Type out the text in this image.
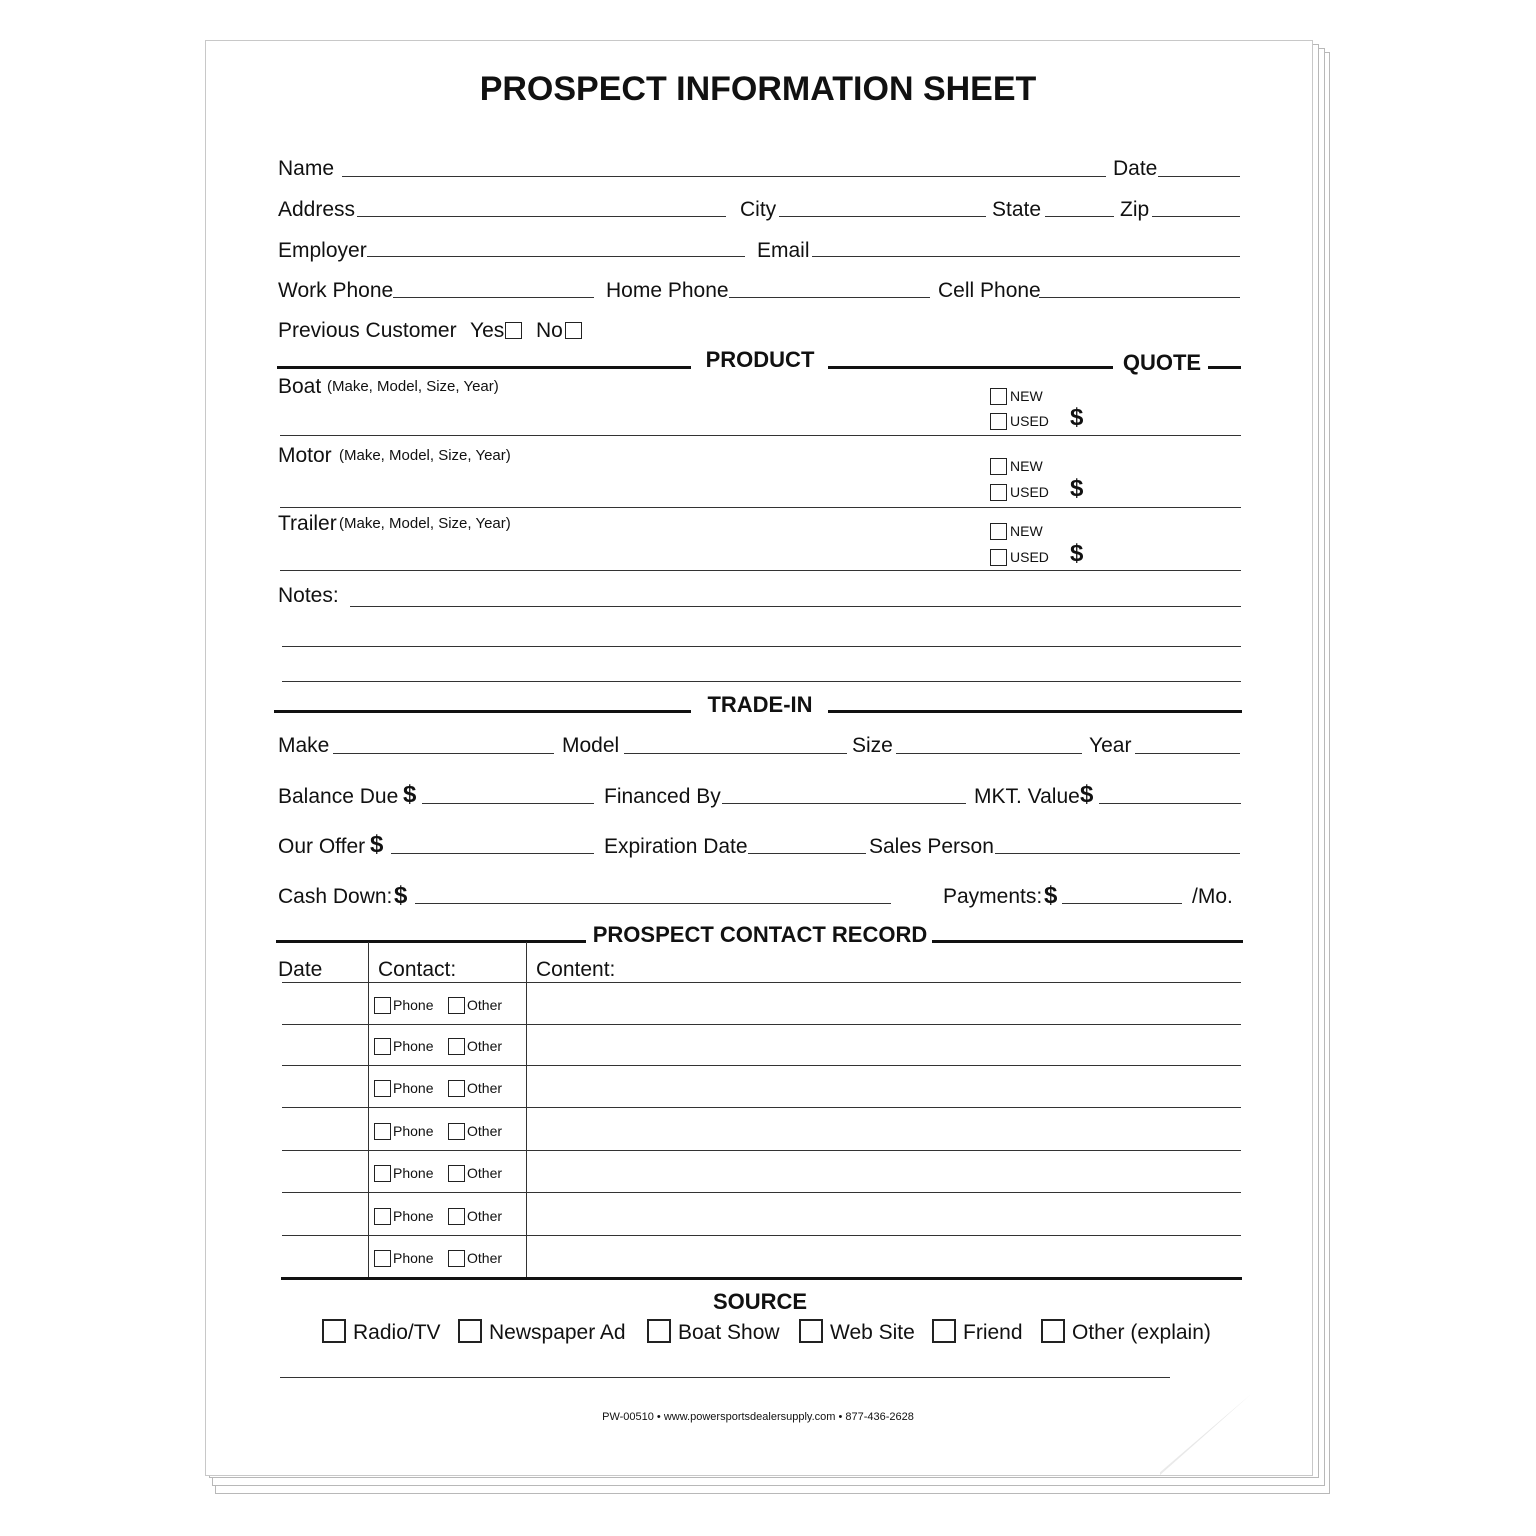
PROSPECT INFORMATION SHEET
Name	Date
Address	City	State	Zip
Employer	Email
Work Phone	Home Phone	Cell Phone
Previous Customer Yes No
PRODUCT	QUOTE
Boat (Make, Model, Size, Year)
NEW
USED $
Motor (Make, Model, Size, Year)
NEW
USED $
Trailer (Make, Model, Size, Year)	NEW
USED $
Notes:
TRADE-IN
Make	Model	Size	Year
Balance Due $	Financed By	MKT. Value $
Our Offer $	Expiration Date	Sales Person
Cash Down: $	Payments: $	/Mo.
PROSPECT CONTACT RECORD
Date	Contact:	Content:
Phone Other
Phone Other
Phone Other
Phone Other
Phone Other
Phone Other
Phone Other
SOURCE
Radio/TV Newspaper Ad Boat Show Web Site Friend Other (explain)
PW-00510 • www.powersportsdealersupply.com • 877-436-2628
